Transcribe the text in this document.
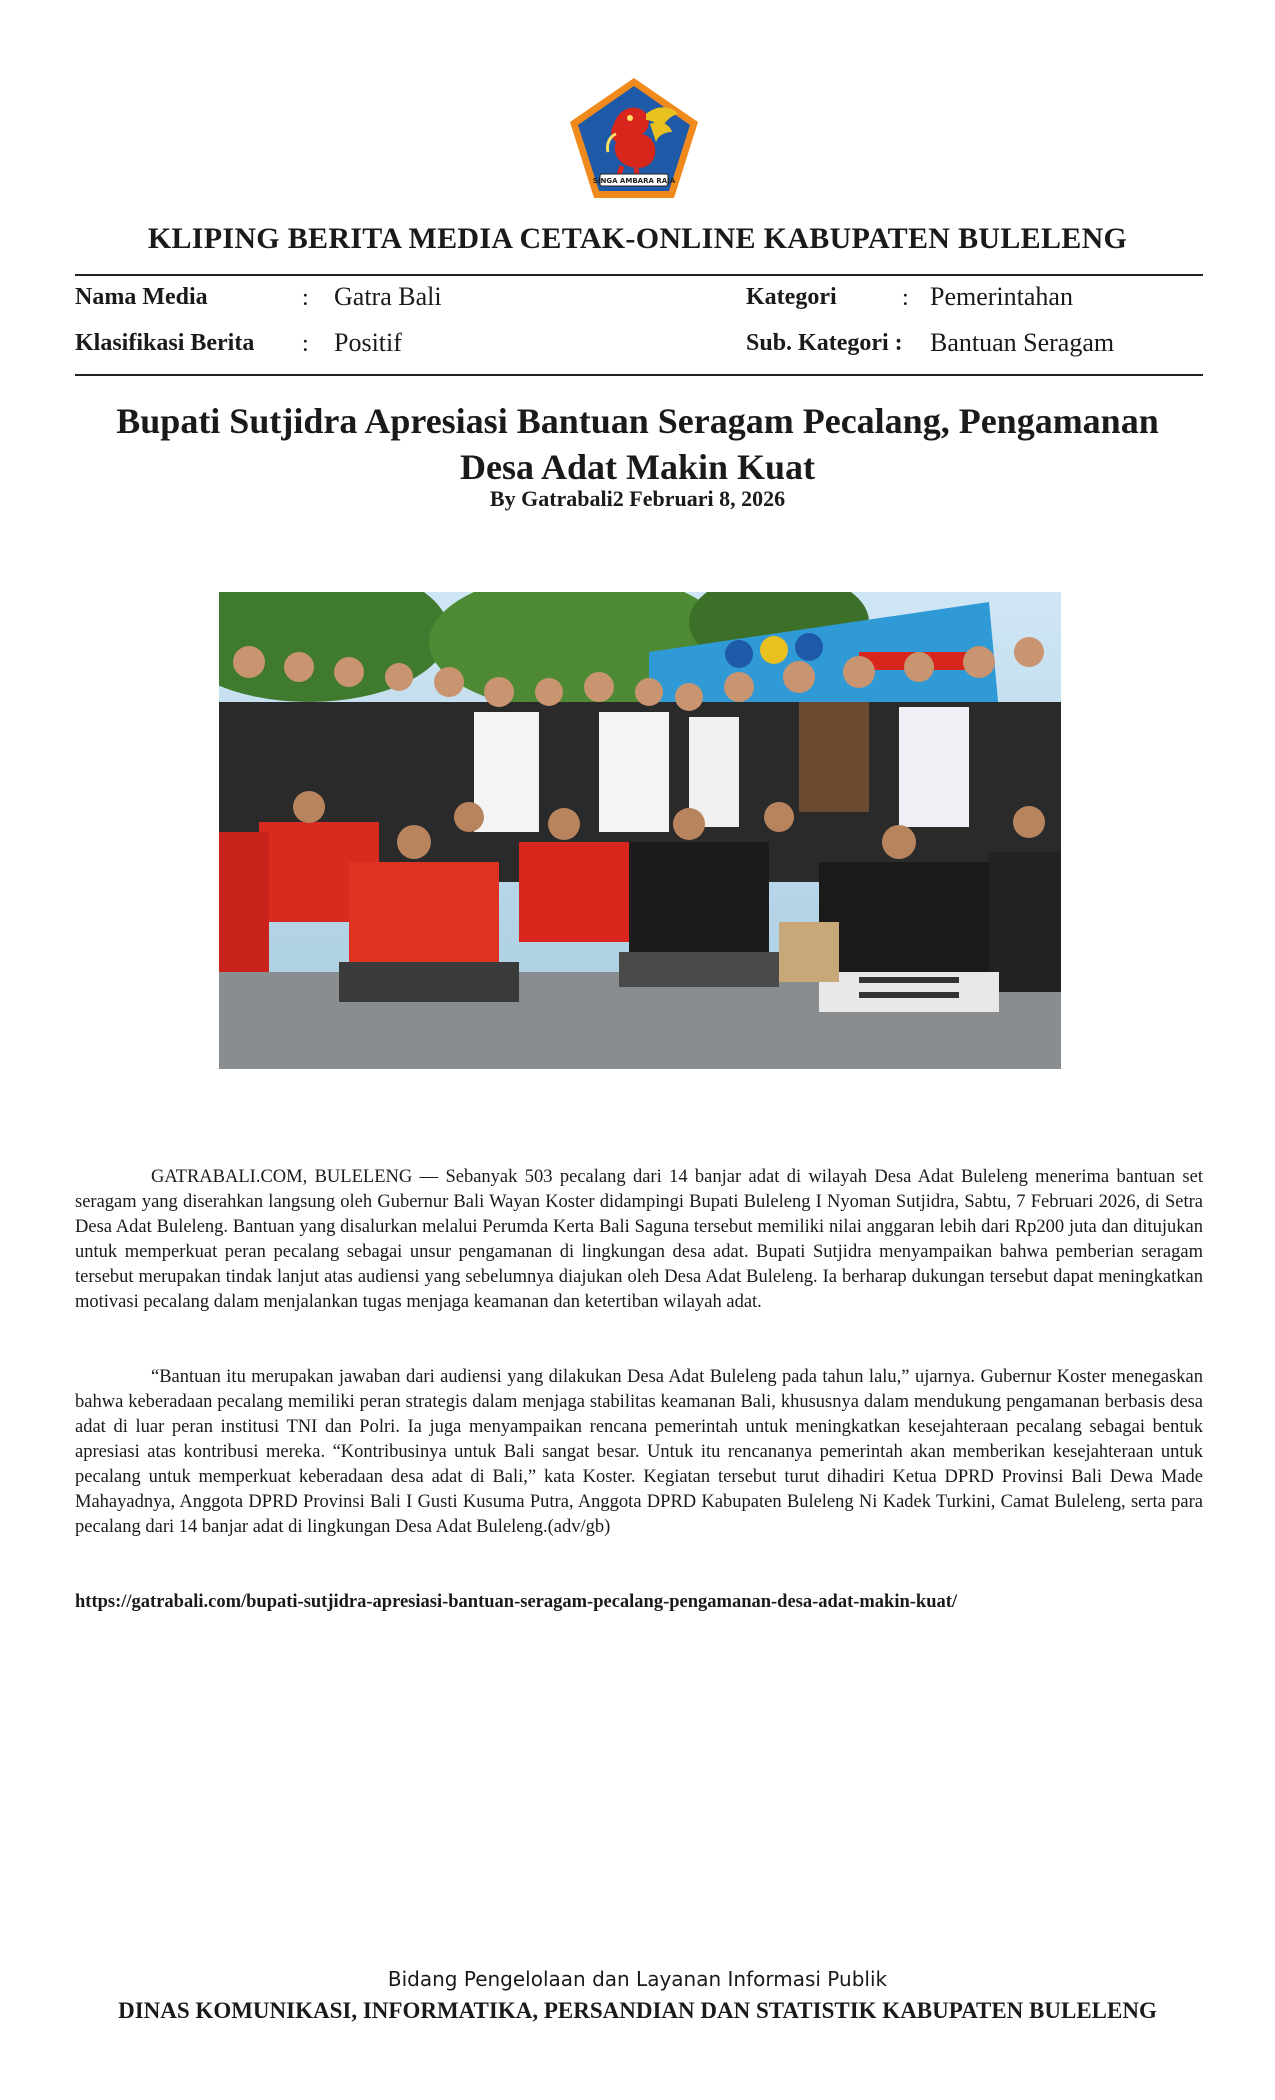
SINGA AMBARA RAJA
KLIPING BERITA MEDIA CETAK-ONLINE KABUPATEN BULELENG
Nama Media	: Gatra Bali
Klasifikasi Berita : Positif
Kategori	: Pemerintahan
Sub. Kategori : Bantuan Seragam
Bupati Sutjidra Apresiasi Bantuan Seragam Pecalang, Pengamanan Desa Adat Makin Kuat
By Gatrabali2 Februari 8, 2026

GATRABALI.COM, BULELENG — Sebanyak 503 pecalang dari 14 banjar adat di wilayah Desa Adat Buleleng menerima bantuan set seragam yang diserahkan langsung oleh Gubernur Bali Wayan Koster didampingi Bupati Buleleng I Nyoman Sutjidra, Sabtu, 7 Februari 2026, di Setra Desa Adat Buleleng. Bantuan yang disalurkan melalui Perumda Kerta Bali Saguna tersebut memiliki nilai anggaran lebih dari Rp200 juta dan ditujukan untuk memperkuat peran pecalang sebagai unsur pengamanan di lingkungan desa adat. Bupati Sutjidra menyampaikan bahwa pemberian seragam tersebut merupakan tindak lanjut atas audiensi yang sebelumnya diajukan oleh Desa Adat Buleleng. Ia berharap dukungan tersebut dapat meningkatkan motivasi pecalang dalam menjalankan tugas menjaga keamanan dan ketertiban wilayah adat.

“Bantuan itu merupakan jawaban dari audiensi yang dilakukan Desa Adat Buleleng pada tahun lalu,” ujarnya. Gubernur Koster menegaskan bahwa keberadaan pecalang memiliki peran strategis dalam menjaga stabilitas keamanan Bali, khususnya dalam mendukung pengamanan berbasis desa adat di luar peran institusi TNI dan Polri. Ia juga menyampaikan rencana pemerintah untuk meningkatkan kesejahteraan pecalang sebagai bentuk apresiasi atas kontribusi mereka. “Kontribusinya untuk Bali sangat besar. Untuk itu rencananya pemerintah akan memberikan kesejahteraan untuk pecalang untuk memperkuat keberadaan desa adat di Bali,” kata Koster. Kegiatan tersebut turut dihadiri Ketua DPRD Provinsi Bali Dewa Made Mahayadnya, Anggota DPRD Provinsi Bali I Gusti Kusuma Putra, Anggota DPRD Kabupaten Buleleng Ni Kadek Turkini, Camat Buleleng, serta para pecalang dari 14 banjar adat di lingkungan Desa Adat Buleleng.(adv/gb)

https://gatrabali.com/bupati-sutjidra-apresiasi-bantuan-seragam-pecalang-pengamanan-desa-adat-makin-kuat/
Bidang Pengelolaan dan Layanan Informasi Publik
DINAS KOMUNIKASI, INFORMATIKA, PERSANDIAN DAN STATISTIK KABUPATEN BULELENG
